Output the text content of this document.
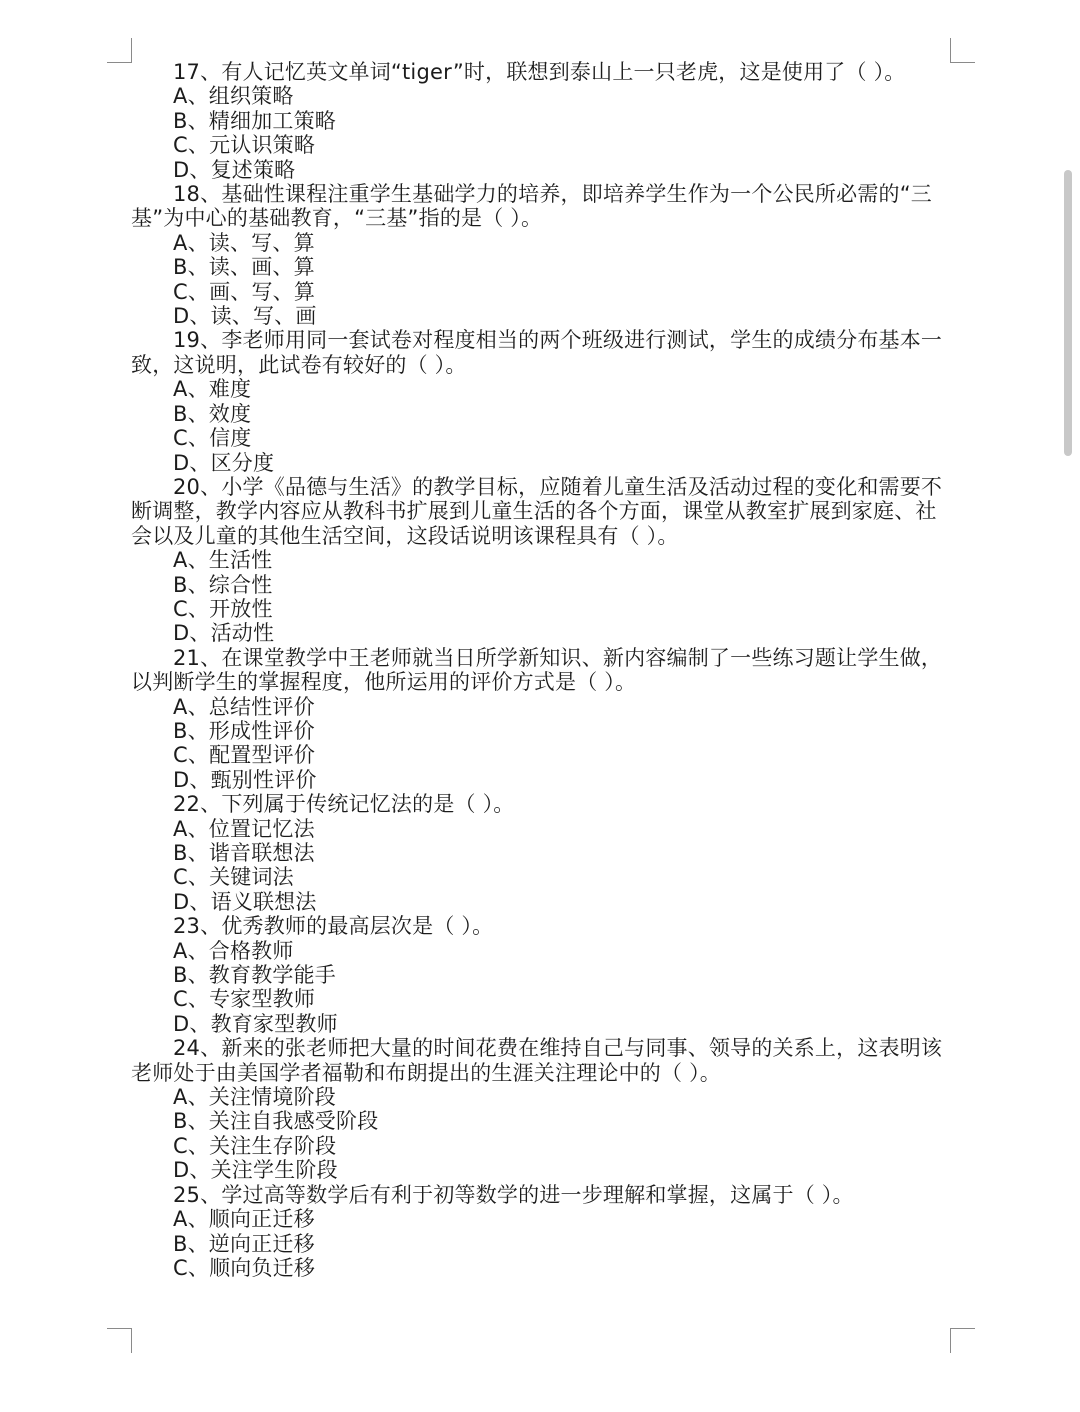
17、有人记忆英文单词“tiger”时，联想到泰山上一只老虎，这是使用了（ ）。

A、组织策略

B、精细加工策略

C、元认识策略

D、复述策略

18、基础性课程注重学生基础学力的培养，即培养学生作为一个公民所必需的“三基”为中心的基础教育，“三基”指的是（ ）。

A、读、写、算

B、读、画、算

C、画、写、算

D、读、写、画

19、李老师用同一套试卷对程度相当的两个班级进行测试，学生的成绩分布基本一致，这说明，此试卷有较好的（ ）。

A、难度

B、效度

C、信度

D、区分度

20、小学《品德与生活》的教学目标，应随着儿童生活及活动过程的变化和需要不断调整，教学内容应从教科书扩展到儿童生活的各个方面，课堂从教室扩展到家庭、社会以及儿童的其他生活空间，这段话说明该课程具有（ ）。

A、生活性

B、综合性

C、开放性

D、活动性

21、在课堂教学中王老师就当日所学新知识、新内容编制了一些练习题让学生做，以判断学生的掌握程度，他所运用的评价方式是（ ）。

A、总结性评价

B、形成性评价

C、配置型评价

D、甄别性评价

22、下列属于传统记忆法的是（ ）。

A、位置记忆法

B、谐音联想法

C、关键词法

D、语义联想法

23、优秀教师的最高层次是（ ）。

A、合格教师

B、教育教学能手

C、专家型教师

D、教育家型教师

24、新来的张老师把大量的时间花费在维持自己与同事、领导的关系上，这表明该老师处于由美国学者福勒和布朗提出的生涯关注理论中的（ ）。

A、关注情境阶段

B、关注自我感受阶段

C、关注生存阶段

D、关注学生阶段

25、学过高等数学后有利于初等数学的进一步理解和掌握，这属于（ ）。

A、顺向正迁移

B、逆向正迁移

C、顺向负迁移
